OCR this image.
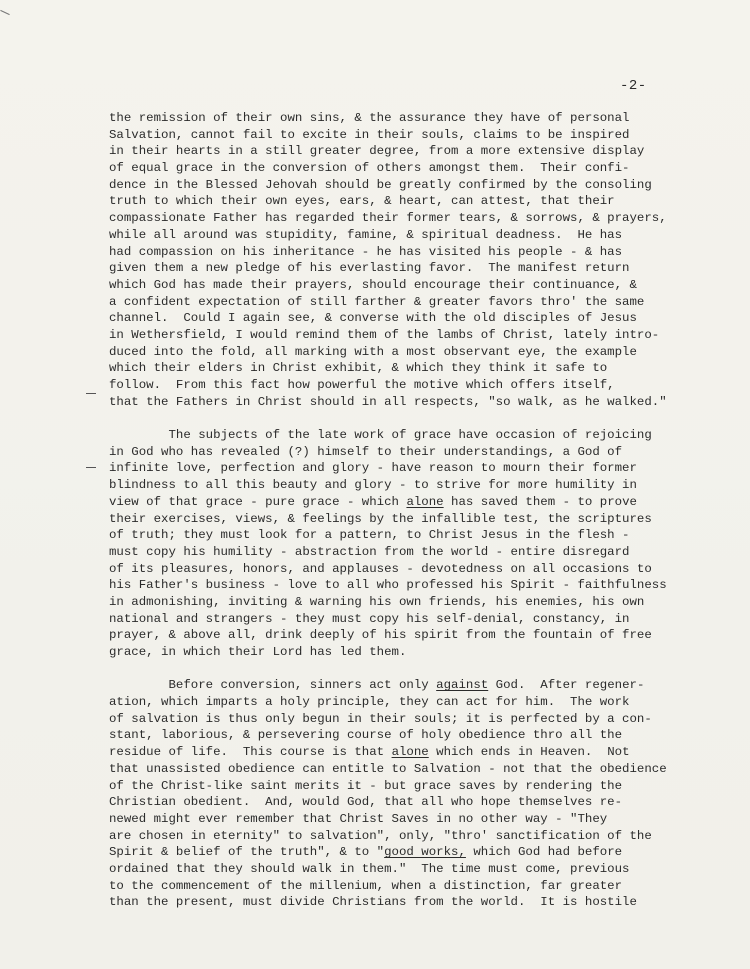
-2-
the remission of their own sins, & the assurance they have of personal
Salvation, cannot fail to excite in their souls, claims to be inspired
in their hearts in a still greater degree, from a more extensive display
of equal grace in the conversion of others amongst them.  Their confi-
dence in the Blessed Jehovah should be greatly confirmed by the consoling
truth to which their own eyes, ears, & heart, can attest, that their
compassionate Father has regarded their former tears, & sorrows, & prayers,
while all around was stupidity, famine, & spiritual deadness.  He has
had compassion on his inheritance - he has visited his people - & has
given them a new pledge of his everlasting favor.  The manifest return
which God has made their prayers, should encourage their continuance, &
a confident expectation of still farther & greater favors thro' the same
channel.  Could I again see, & converse with the old disciples of Jesus
in Wethersfield, I would remind them of the lambs of Christ, lately intro-
duced into the fold, all marking with a most observant eye, the example
which their elders in Christ exhibit, & which they think it safe to
follow.  From this fact how powerful the motive which offers itself,
that the Fathers in Christ should in all respects, "so walk, as he walked."
The subjects of the late work of grace have occasion of rejoicing
in God who has revealed (?) himself to their understandings, a God of
infinite love, perfection and glory - have reason to mourn their former
blindness to all this beauty and glory - to strive for more humility in
view of that grace - pure grace - which alone has saved them - to prove
their exercises, views, & feelings by the infallible test, the scriptures
of truth; they must look for a pattern, to Christ Jesus in the flesh -
must copy his humility - abstraction from the world - entire disregard
of its pleasures, honors, and applauses - devotedness on all occasions to
his Father's business - love to all who professed his Spirit - faithfulness
in admonishing, inviting & warning his own friends, his enemies, his own
national and strangers - they must copy his self-denial, constancy, in
prayer, & above all, drink deeply of his spirit from the fountain of free
grace, in which their Lord has led them.
Before conversion, sinners act only against God.  After regener-
ation, which imparts a holy principle, they can act for him.  The work
of salvation is thus only begun in their souls; it is perfected by a con-
stant, laborious, & persevering course of holy obedience thro all the
residue of life.  This course is that alone which ends in Heaven.  Not
that unassisted obedience can entitle to Salvation - not that the obedience
of the Christ-like saint merits it - but grace saves by rendering the
Christian obedient.  And, would God, that all who hope themselves re-
newed might ever remember that Christ Saves in no other way - "They
are chosen in eternity" to salvation", only, "thro' sanctification of the
Spirit & belief of the truth", & to "good works, which God had before
ordained that they should walk in them."  The time must come, previous
to the commencement of the millenium, when a distinction, far greater
than the present, must divide Christians from the world.  It is hostile
